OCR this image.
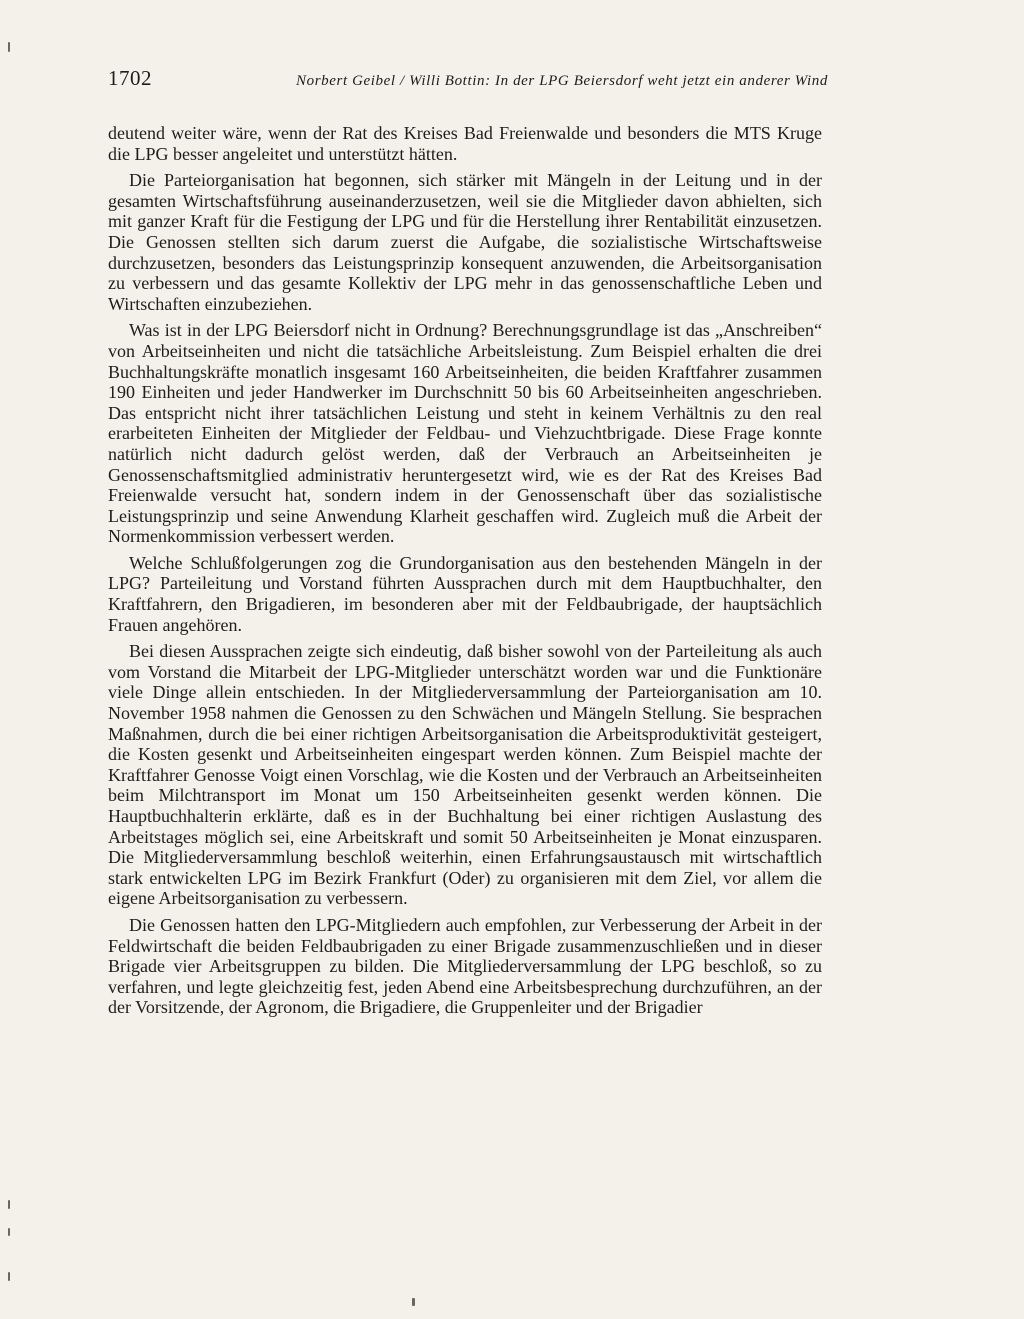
1702	Norbert Geibel / Willi Bottin: In der LPG Beiersdorf weht jetzt ein anderer Wind

deutend weiter wäre, wenn der Rat des Kreises Bad Freienwalde und besonders die MTS Kruge die LPG besser angeleitet und unterstützt hätten.

Die Parteiorganisation hat begonnen, sich stärker mit Mängeln in der Leitung und in der gesamten Wirtschaftsführung auseinanderzusetzen, weil sie die Mitglieder davon abhielten, sich mit ganzer Kraft für die Festigung der LPG und für die Herstellung ihrer Rentabilität einzusetzen. Die Genossen stellten sich darum zuerst die Aufgabe, die sozialistische Wirtschaftsweise durchzusetzen, besonders das Leistungsprinzip konsequent anzuwenden, die Arbeitsorganisation zu verbessern und das gesamte Kollektiv der LPG mehr in das genossenschaftliche Leben und Wirtschaften einzubeziehen.

Was ist in der LPG Beiersdorf nicht in Ordnung? Berechnungsgrundlage ist das „Anschreiben“ von Arbeitseinheiten und nicht die tatsächliche Arbeitsleistung. Zum Beispiel erhalten die drei Buchhaltungskräfte monatlich insgesamt 160 Arbeitseinheiten, die beiden Kraftfahrer zusammen 190 Einheiten und jeder Handwerker im Durchschnitt 50 bis 60 Arbeitseinheiten angeschrieben. Das entspricht nicht ihrer tatsächlichen Leistung und steht in keinem Verhältnis zu den real erarbeiteten Einheiten der Mitglieder der Feldbau- und Viehzuchtbrigade. Diese Frage konnte natürlich nicht dadurch gelöst werden, daß der Verbrauch an Arbeitseinheiten je Genossenschaftsmitglied administrativ heruntergesetzt wird, wie es der Rat des Kreises Bad Freienwalde versucht hat, sondern indem in der Genossenschaft über das sozialistische Leistungsprinzip und seine Anwendung Klarheit geschaffen wird. Zugleich muß die Arbeit der Normenkommission verbessert werden.

Welche Schlußfolgerungen zog die Grundorganisation aus den bestehenden Mängeln in der LPG? Parteileitung und Vorstand führten Aussprachen durch mit dem Hauptbuchhalter, den Kraftfahrern, den Brigadieren, im besonderen aber mit der Feldbaubrigade, der hauptsächlich Frauen angehören.

Bei diesen Aussprachen zeigte sich eindeutig, daß bisher sowohl von der Parteileitung als auch vom Vorstand die Mitarbeit der LPG-Mitglieder unterschätzt worden war und die Funktionäre viele Dinge allein entschieden. In der Mitgliederversammlung der Parteiorganisation am 10. November 1958 nahmen die Genossen zu den Schwächen und Mängeln Stellung. Sie besprachen Maßnahmen, durch die bei einer richtigen Arbeitsorganisation die Arbeitsproduktivität gesteigert, die Kosten gesenkt und Arbeitseinheiten eingespart werden können. Zum Beispiel machte der Kraftfahrer Genosse Voigt einen Vorschlag, wie die Kosten und der Verbrauch an Arbeitseinheiten beim Milchtransport im Monat um 150 Arbeitseinheiten gesenkt werden können. Die Hauptbuchhalterin erklärte, daß es in der Buchhaltung bei einer richtigen Auslastung des Arbeitstages möglich sei, eine Arbeitskraft und somit 50 Arbeitseinheiten je Monat einzusparen. Die Mitgliederversammlung beschloß weiterhin, einen Erfahrungsaustausch mit wirtschaftlich stark entwickelten LPG im Bezirk Frankfurt (Oder) zu organisieren mit dem Ziel, vor allem die eigene Arbeitsorganisation zu verbessern.

Die Genossen hatten den LPG-Mitgliedern auch empfohlen, zur Verbesserung der Arbeit in der Feldwirtschaft die beiden Feldbaubrigaden zu einer Brigade zusammenzuschließen und in dieser Brigade vier Arbeitsgruppen zu bilden. Die Mitgliederversammlung der LPG beschloß, so zu verfahren, und legte gleichzeitig fest, jeden Abend eine Arbeitsbesprechung durchzuführen, an der der Vorsitzende, der Agronom, die Brigadiere, die Gruppenleiter und der Brigadier
